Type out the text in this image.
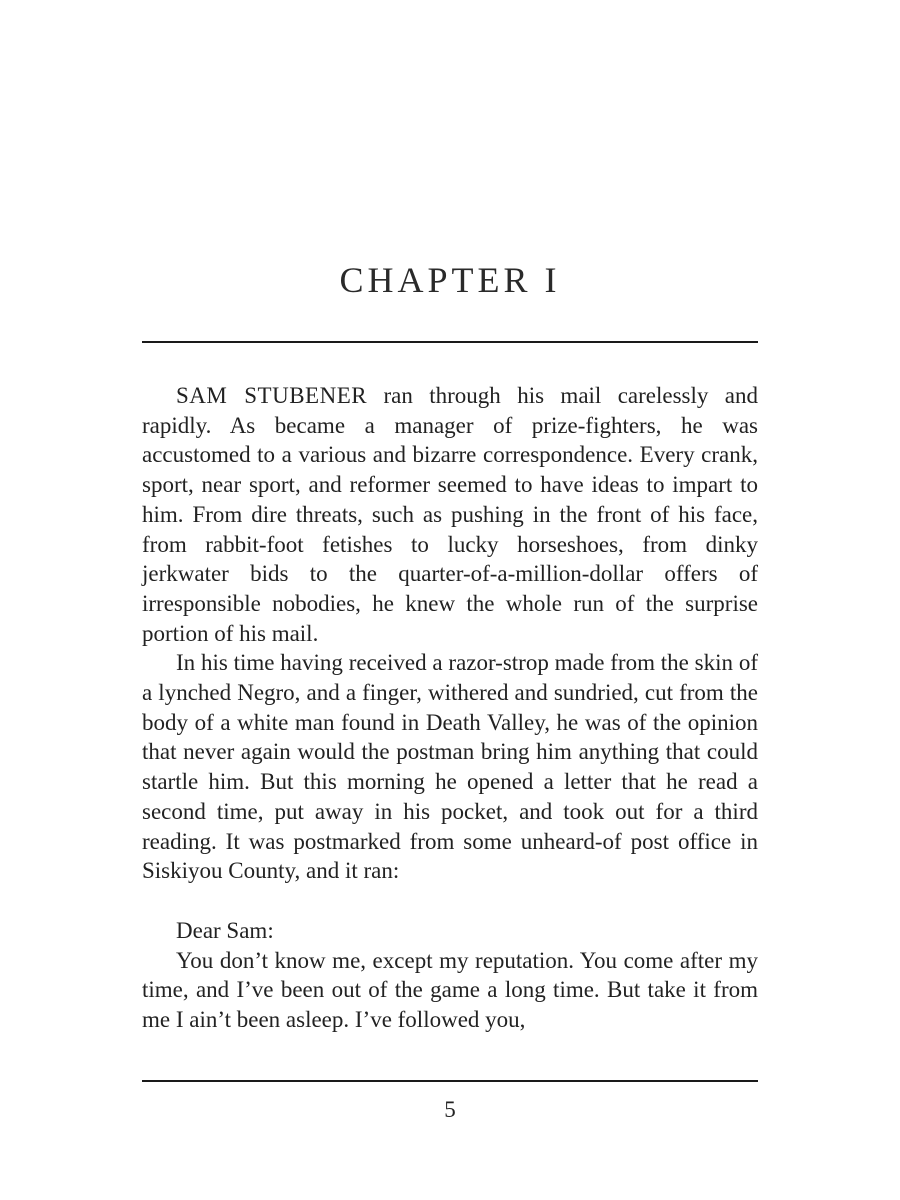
CHAPTER I

SAM STUBENER ran through his mail carelessly and rapidly. As became a manager of prize-fighters, he was accustomed to a various and bizarre correspondence. Every crank, sport, near sport, and reformer seemed to have ideas to impart to him. From dire threats, such as pushing in the front of his face, from rabbit-foot fetishes to lucky horseshoes, from dinky jerkwater bids to the quarter-of-a-million-dollar offers of irresponsible nobodies, he knew the whole run of the surprise portion of his mail.

In his time having received a razor-strop made from the skin of a lynched Negro, and a finger, withered and sundried, cut from the body of a white man found in Death Valley, he was of the opinion that never again would the postman bring him anything that could startle him. But this morning he opened a letter that he read a second time, put away in his pocket, and took out for a third reading. It was postmarked from some unheard-of post office in Siskiyou County, and it ran:

Dear Sam:

You don’t know me, except my reputation. You come after my time, and I’ve been out of the game a long time. But take it from me I ain’t been asleep. I’ve followed you,

5
